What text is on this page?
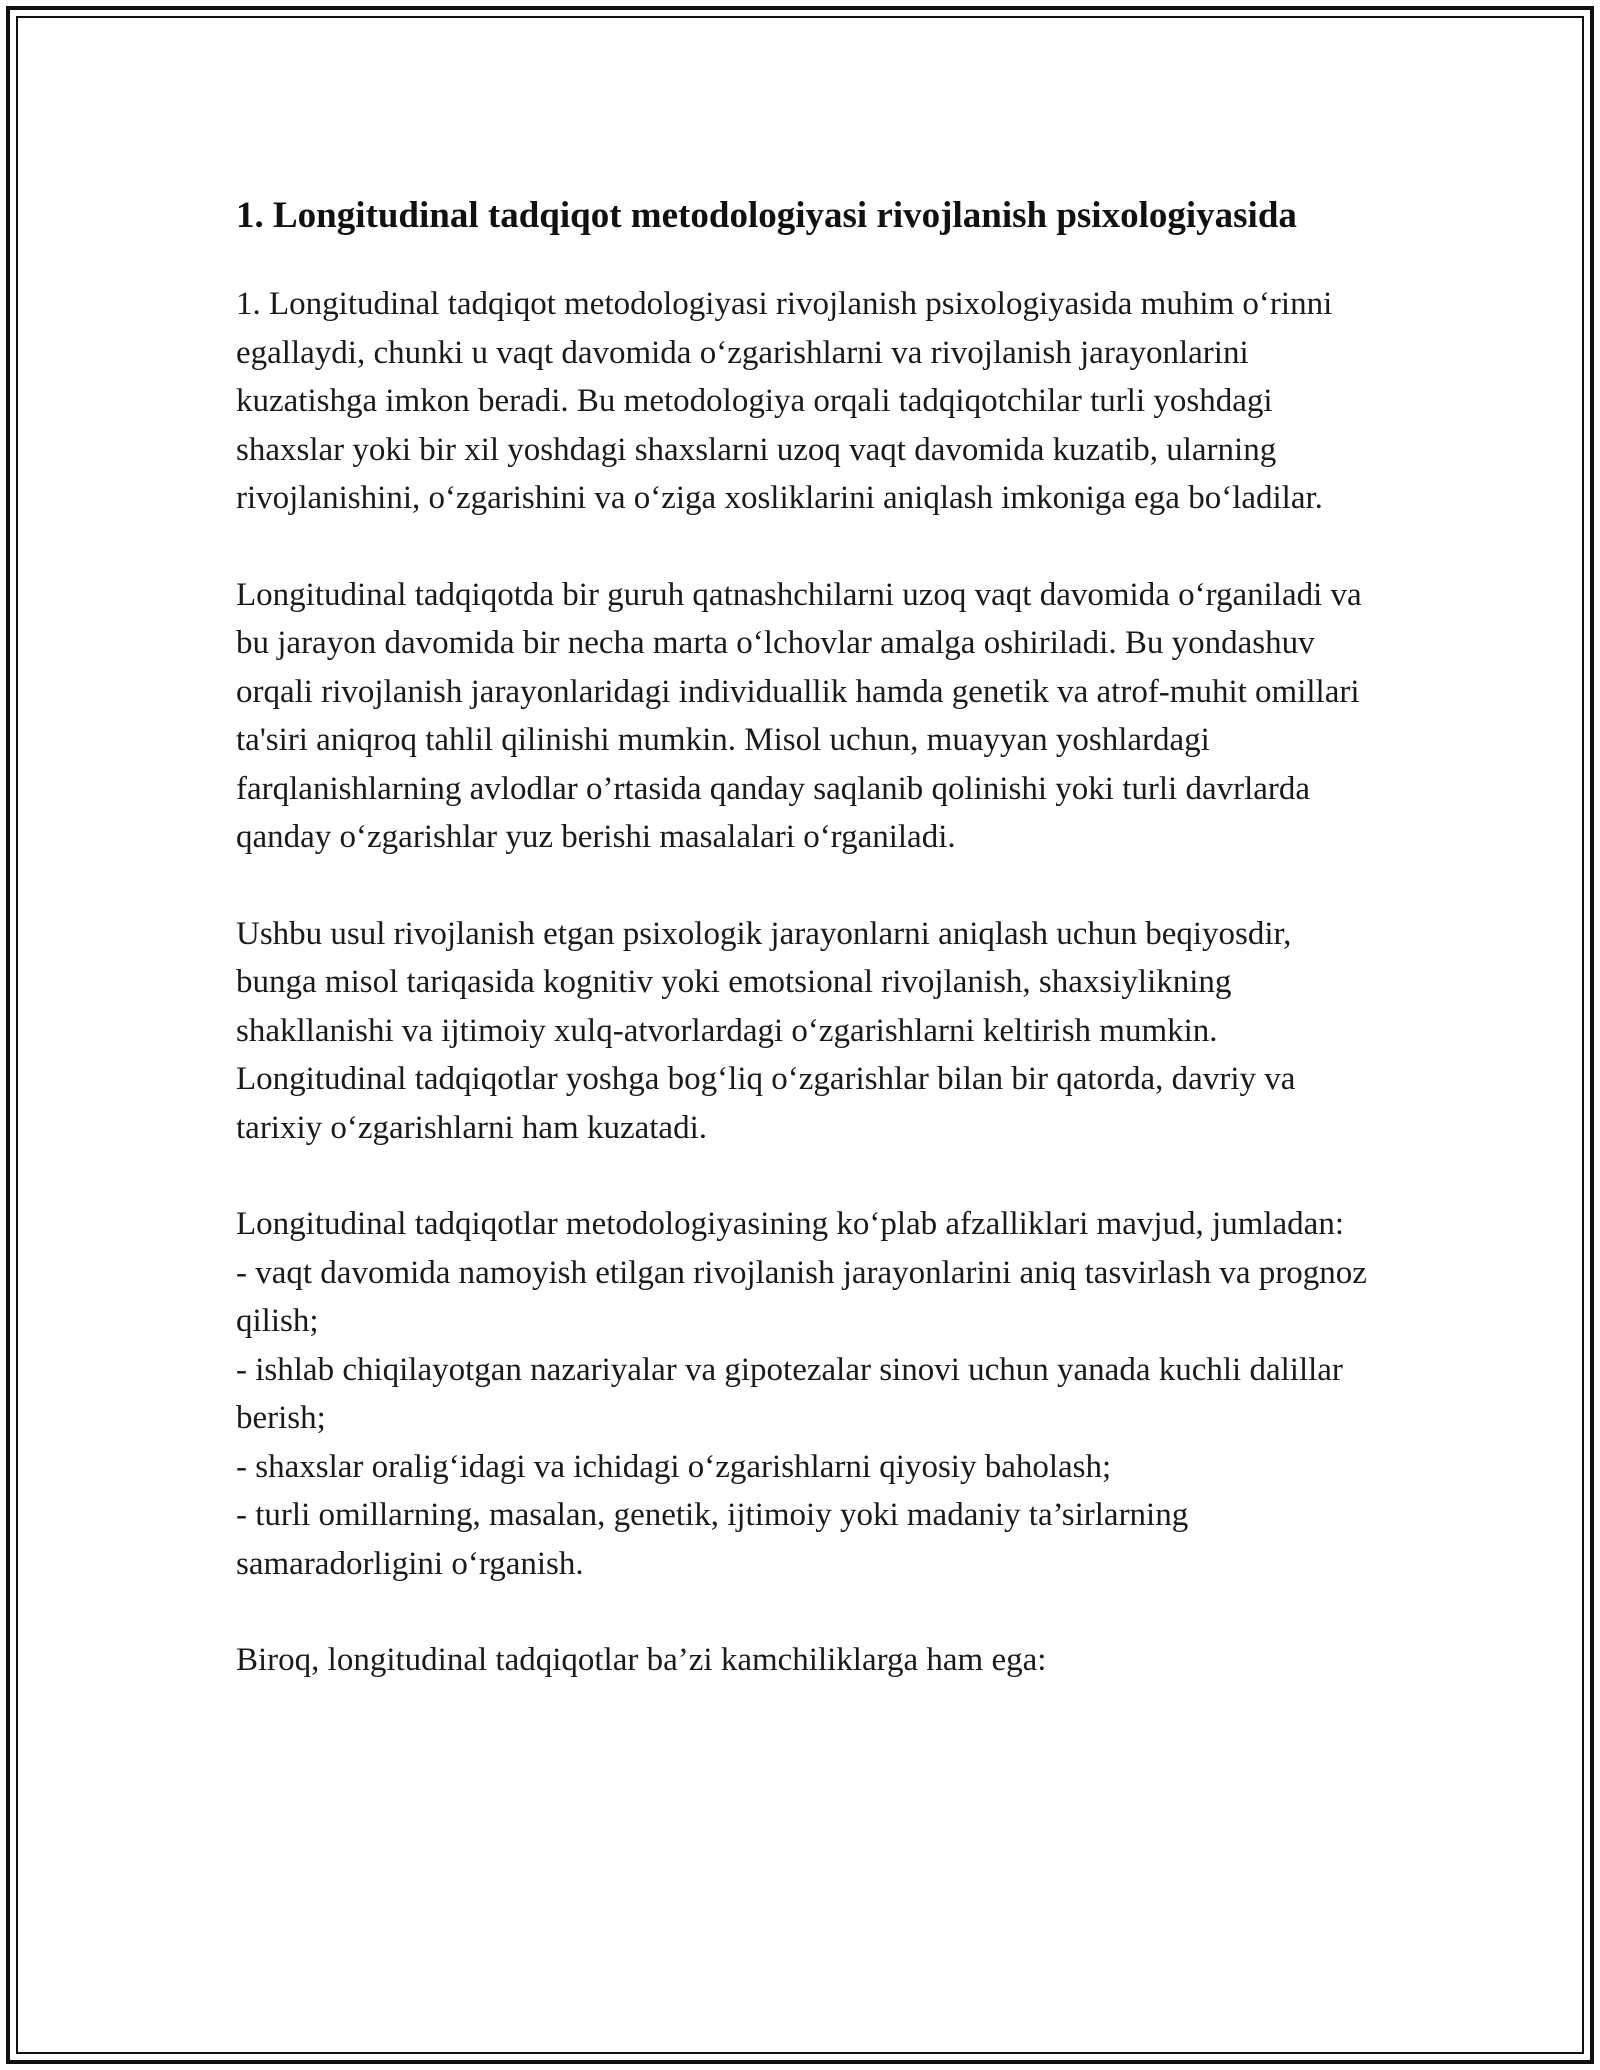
1. Longitudinal tadqiqot metodologiyasi rivojlanish psixologiyasida

1. Longitudinal tadqiqot metodologiyasi rivojlanish psixologiyasida muhim o‘rinni egallaydi, chunki u vaqt davomida o‘zgarishlarni va rivojlanish jarayonlarini kuzatishga imkon beradi. Bu metodologiya orqali tadqiqotchilar turli yoshdagi shaxslar yoki bir xil yoshdagi shaxslarni uzoq vaqt davomida kuzatib, ularning rivojlanishini, o‘zgarishini va o‘ziga xosliklarini aniqlash imkoniga ega bo‘ladilar.

Longitudinal tadqiqotda bir guruh qatnashchilarni uzoq vaqt davomida o‘rganiladi va bu jarayon davomida bir necha marta o‘lchovlar amalga oshiriladi. Bu yondashuv orqali rivojlanish jarayonlaridagi individuallik hamda genetik va atrof-muhit omillari ta'siri aniqroq tahlil qilinishi mumkin. Misol uchun, muayyan yoshlardagi farqlanishlarning avlodlar o’rtasida qanday saqlanib qolinishi yoki turli davrlarda qanday o‘zgarishlar yuz berishi masalalari o‘rganiladi.

Ushbu usul rivojlanish etgan psixologik jarayonlarni aniqlash uchun beqiyosdir, bunga misol tariqasida kognitiv yoki emotsional rivojlanish, shaxsiylikning shakllanishi va ijtimoiy xulq-atvorlardagi o‘zgarishlarni keltirish mumkin. Longitudinal tadqiqotlar yoshga bog‘liq o‘zgarishlar bilan bir qatorda, davriy va tarixiy o‘zgarishlarni ham kuzatadi.

Longitudinal tadqiqotlar metodologiyasining ko‘plab afzalliklari mavjud, jumladan:

- vaqt davomida namoyish etilgan rivojlanish jarayonlarini aniq tasvirlash va prognoz qilish;
- ishlab chiqilayotgan nazariyalar va gipotezalar sinovi uchun yanada kuchli dalillar berish;
- shaxslar oralig‘idagi va ichidagi o‘zgarishlarni qiyosiy baholash;
- turli omillarning, masalan, genetik, ijtimoiy yoki madaniy ta’sirlarning samaradorligini o‘rganish.

Biroq, longitudinal tadqiqotlar ba’zi kamchiliklarga ham ega:
